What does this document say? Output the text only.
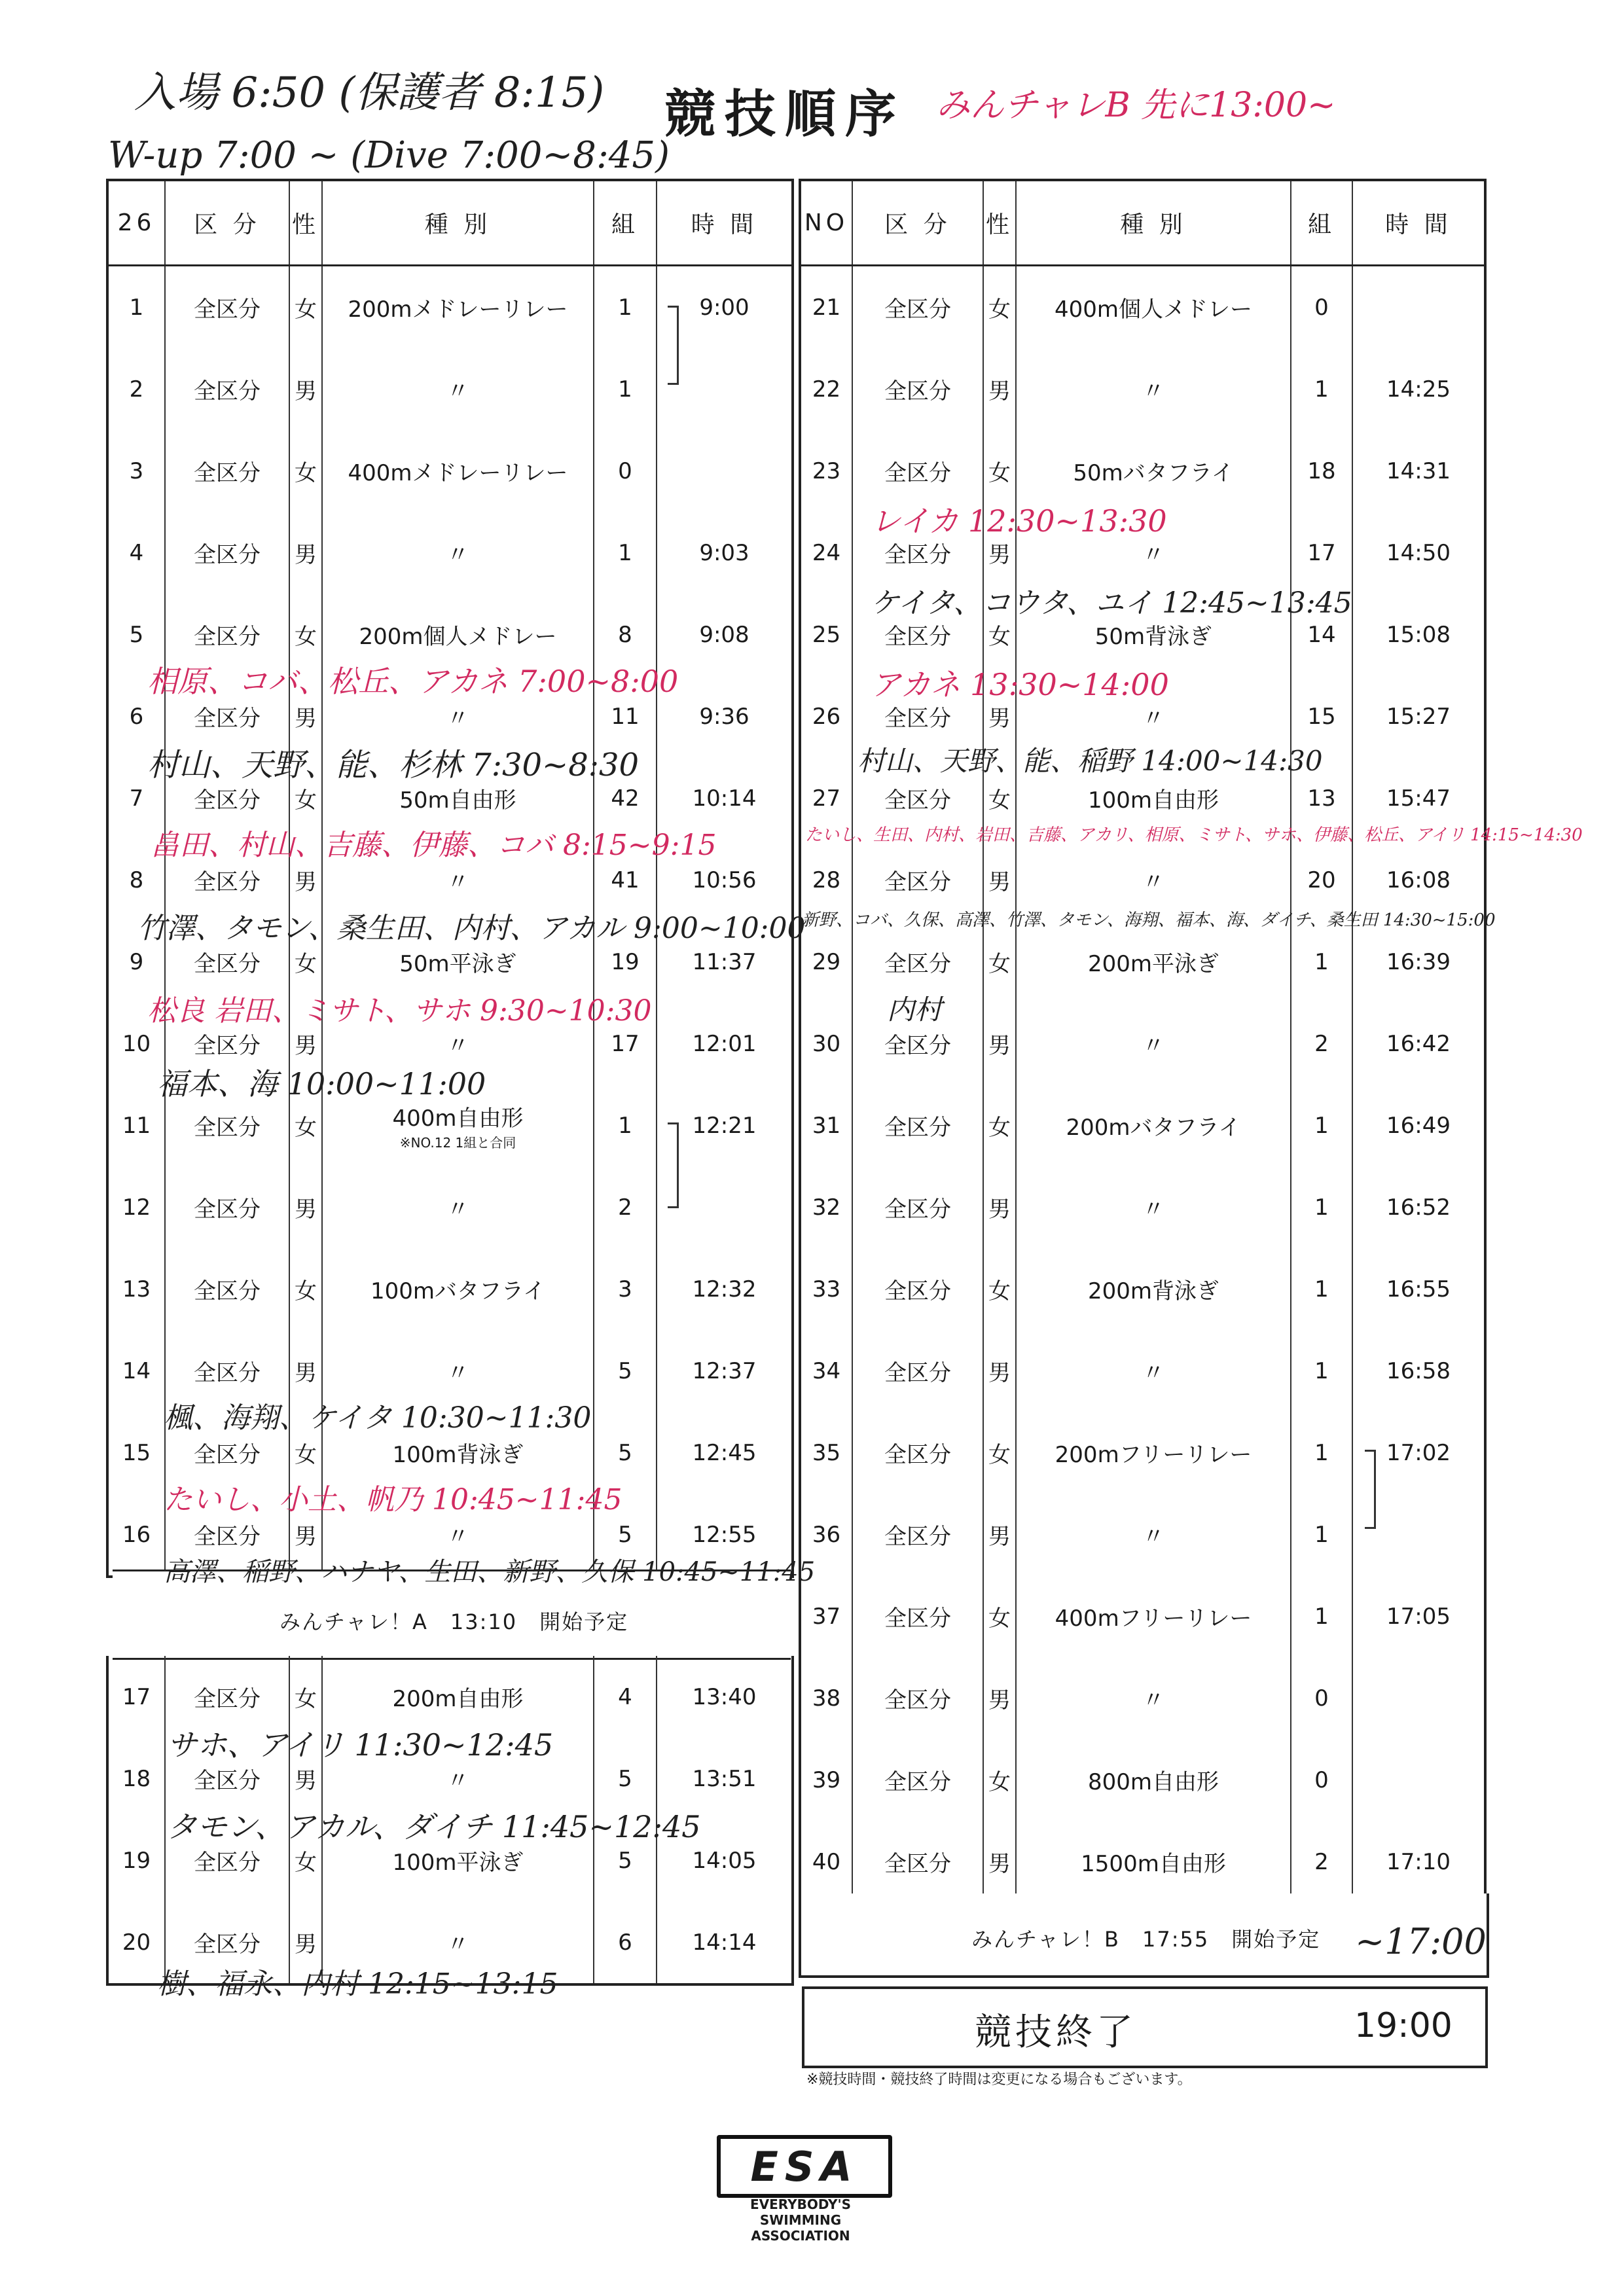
競技順序
入場 6:50 (保護者 8:15)
W-up 7:00 ~ (Dive 7:00~8:45)
みんチャレB 先に13:00~
26	区 分	性	種 別	組	時 間
1	全区分	女	200mメドレーリレー	1	9:00
2	全区分	男	〃	1	
3	全区分	女	400mメドレーリレー	0	
4	全区分	男	〃	1	9:03
5	全区分	女	200m個人メドレー	8	9:08
6	全区分	男	〃	11	9:36
7	全区分	女	50m自由形	42	10:14
8	全区分	男	〃	41	10:56
9	全区分	女	50m平泳ぎ	19	11:37
10	全区分	男	〃	17	12:01
11	全区分	女	400m自由形
※NO.12 1組と合同	1	12:21
12	全区分	男	〃	2	
13	全区分	女	100mバタフライ	3	12:32
14	全区分	男	〃	5	12:37
15	全区分	女	100m背泳ぎ	5	12:45
16	全区分	男	〃	5	12:55
みんチャレ！A　13:10　開始予定
17	全区分	女	200m自由形	4	13:40
18	全区分	男	〃	5	13:51
19	全区分	女	100m平泳ぎ	5	14:05
20	全区分	男	〃	6	14:14
NO	区 分	性	種 別	組	時 間
21	全区分	女	400m個人メドレー	0	
22	全区分	男	〃	1	14:25
23	全区分	女	50mバタフライ	18	14:31
24	全区分	男	〃	17	14:50
25	全区分	女	50m背泳ぎ	14	15:08
26	全区分	男	〃	15	15:27
27	全区分	女	100m自由形	13	15:47
28	全区分	男	〃	20	16:08
29	全区分	女	200m平泳ぎ	1	16:39
30	全区分	男	〃	2	16:42
31	全区分	女	200mバタフライ	1	16:49
32	全区分	男	〃	1	16:52
33	全区分	女	200m背泳ぎ	1	16:55
34	全区分	男	〃	1	16:58
35	全区分	女	200mフリーリレー	1	17:02
36	全区分	男	〃	1	
37	全区分	女	400mフリーリレー	1	17:05
38	全区分	男	〃	0	
39	全区分	女	800m自由形	0	
40	全区分	男	1500m自由形	2	17:10
みんチャレ！B　17:55　開始予定 ~17:00
競技終了	19:00
※競技時間・競技終了時間は変更になる場合もございます。
相原、コバ、松丘、アカネ 7:00~8:00
村山、天野、能、杉林 7:30~8:30
畠田、村山、吉藤、伊藤、コバ 8:15~9:15
竹澤、タモン、桑生田、内村、アカル 9:00~10:00
松良 岩田、ミサト、サホ 9:30~10:30
福本、海 10:00~11:00
楓、海翔、ケイタ 10:30~11:30
たいし、小土、帆乃 10:45~11:45
高澤、稲野、ハナヤ、生田、新野、久保 10:45~11:45
サホ、アイリ 11:30~12:45
タモン、アカル、ダイチ 11:45~12:45
樹、福永、内村 12:15~13:15
レイカ 12:30~13:30
ケイタ、コウタ、ユイ 12:45~13:45
アカネ 13:30~14:00
村山、天野、能、稲野 14:00~14:30
たいし、生田、内村、岩田、吉藤、アカリ、相原、ミサト、サホ、伊藤、松丘、アイリ 14:15~14:30
新野、コバ、久保、高澤、竹澤、タモン、海翔、福本、海、ダイチ、桑生田 14:30~15:00
内村
ESA
EVERYBODY'S
SWIMMING ASSOCIATION
